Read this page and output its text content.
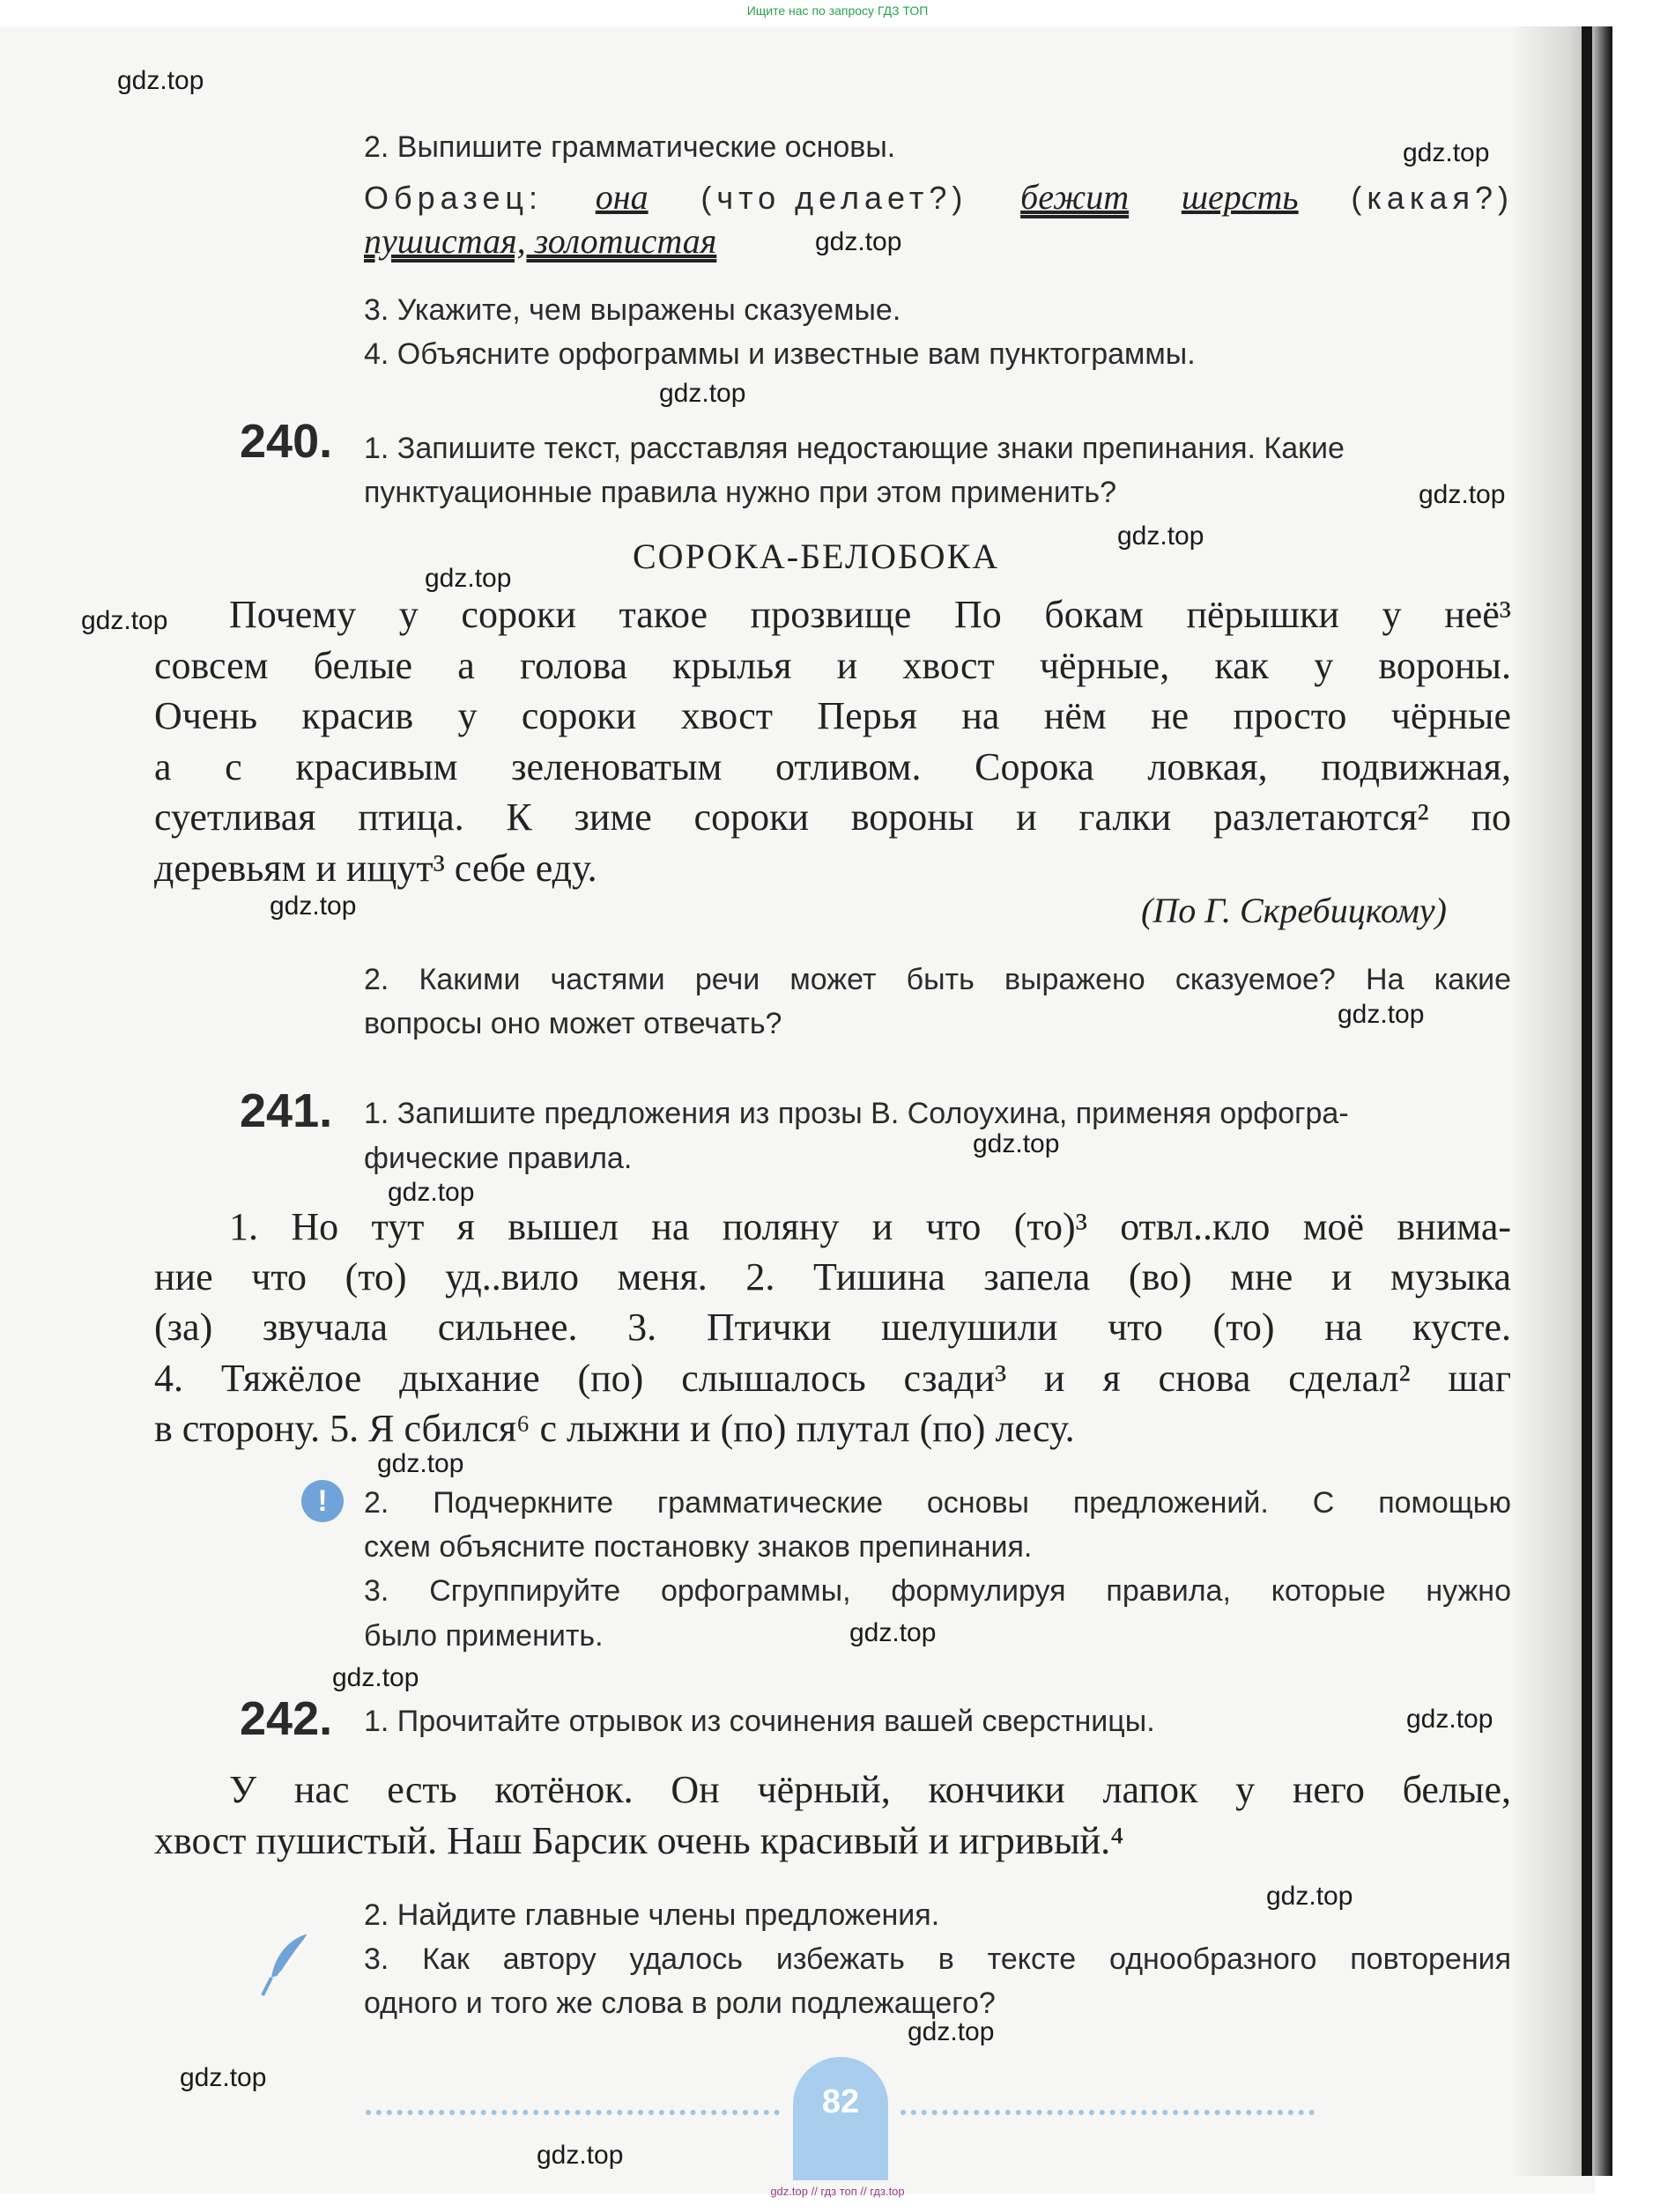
Ищите нас по запросу ГДЗ ТОП
gdz.top
gdz.top
gdz.top
gdz.top
gdz.top
gdz.top
gdz.top
gdz.top
gdz.top
gdz.top
gdz.top
gdz.top
gdz.top
gdz.top
gdz.top
gdz.top
gdz.top
gdz.top
gdz.top
gdz.top
2. Выпишите грамматические основы.
Образец: она (что делает?) бежит шерсть (какая?)
пушистая, золотистая
3. Укажите, чем выражены сказуемые.
4. Объясните орфограммы и известные вам пунктограммы.
240. 1. Запишите текст, расставляя недостающие знаки препинания. Какие
пунктуационные правила нужно при этом применить?
СОРОКА-БЕЛОБОКА
Почему у сороки такое прозвище По бокам пёрышки у неё³
совсем белые а голова крылья и хвост чёрные, как у вороны.
Очень красив у сороки хвост Перья на нём не просто чёрные
а с красивым зеленоватым отливом. Сорока ловкая, подвижная,
суетливая птица. К зиме сороки вороны и галки разлетаются² по
деревьям и ищут³ себе еду.
(По Г. Скребицкому)
2. Какими частями речи может быть выражено сказуемое? На какие
вопросы оно может отвечать?
241. 1. Запишите предложения из прозы В. Солоухина, применяя орфогра-
фические правила.
1. Но тут я вышел на поляну и что (то)³ отвл..кло моё внима-
ние что (то) уд..вило меня. 2. Тишина запела (во) мне и музыка
(за) звучала сильнее. 3. Птички шелушили что (то) на кусте.
4. Тяжёлое дыхание (по) слышалось сзади³ и я снова сделал² шаг
в сторону. 5. Я сбился⁶ с лыжни и (по) плутал (по) лесу.
!	2. Подчеркните грамматические основы предложений. С помощью
схем объясните постановку знаков препинания.
3. Сгруппируйте орфограммы, формулируя правила, которые нужно
было применить.
242. 1. Прочитайте отрывок из сочинения вашей сверстницы.
У нас есть котёнок. Он чёрный, кончики лапок у него белые,
хвост пушистый. Наш Барсик очень красивый и игривый.⁴
2. Найдите главные члены предложения.
3. Как автору удалось избежать в тексте однообразного повторения
одного и того же слова в роли подлежащего?
82
gdz.top // гдз топ // гдз.top
